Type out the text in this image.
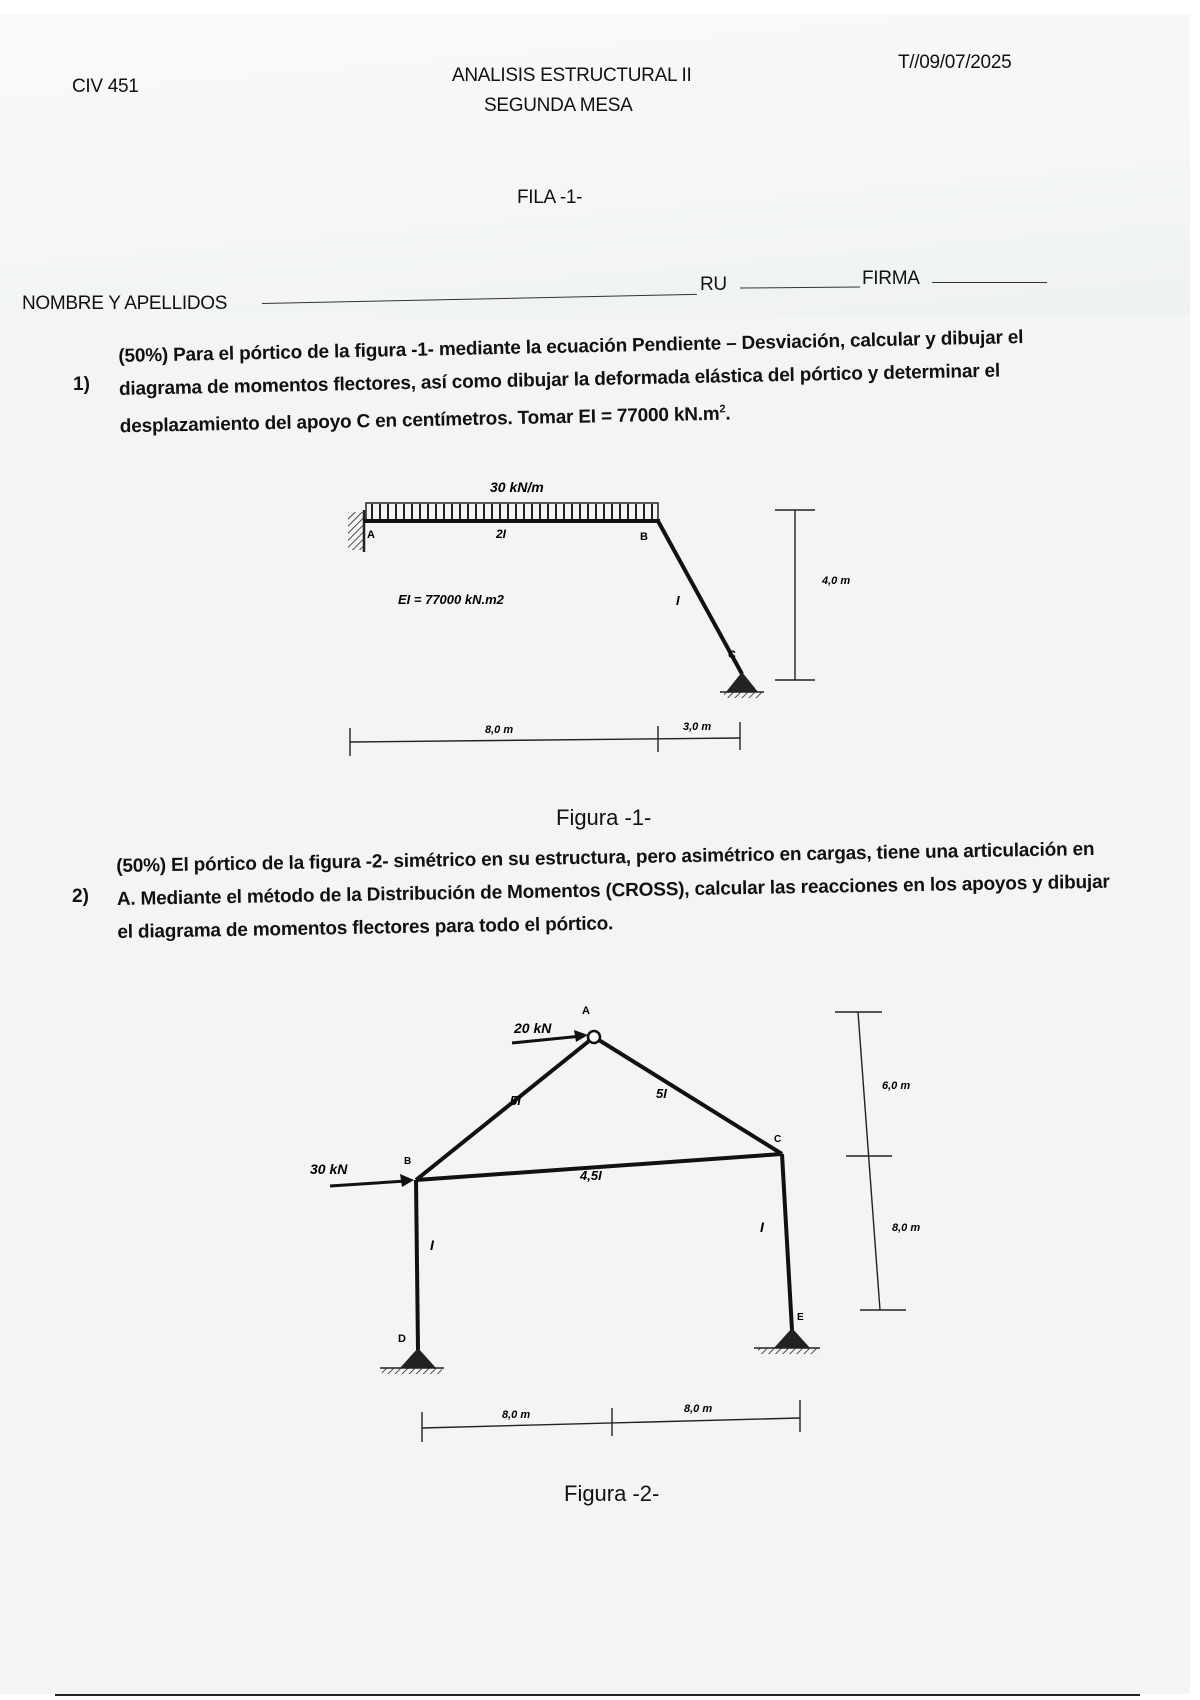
CIV 451
ANALISIS ESTRUCTURAL II
SEGUNDA MESA
T//09/07/2025
FILA -1-
NOMBRE Y APELLIDOS
RU	FIRMA
1)
(50%) Para el pórtico de la figura -1- mediante la ecuación Pendiente – Desviación, calcular y dibujar el diagrama de momentos flectores, así como dibujar la deformada elástica del pórtico y determinar el desplazamiento del apoyo C en centímetros. Tomar EI = 77000 $kN.m^2$.
30 kN/m
A	B
C
2I
I
EI = 77000 kN.m2
4,0 m
8,0 m	3,0 m
Figura -1-
2)
(50%) El pórtico de la figura -2- simétrico en su estructura, pero asimétrico en cargas, tiene una articulación en A. Mediante el método de la Distribución de Momentos (CROSS), calcular las reacciones en los apoyos y dibujar el diagrama de momentos flectores para todo el pórtico.
20 kN
30 kN
A
B
C
D
E
5I	5I
4,5I
I
I
6,0 m
8,0 m
8,0 m	8,0 m
Figura -2-
